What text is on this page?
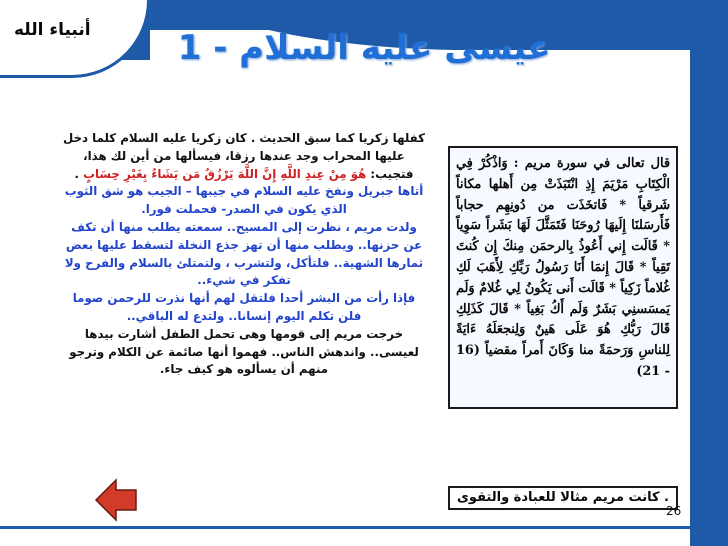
أنبياء الله	عيسى عليه السلام - 1
كفلها زكريا كما سبق الحديث . كان زكريا عليه السلام كلما دخل عليها المحراب وجد عندها رزقا، فيسألها من أين لك هذا، فتجيب: هُوَ مِنْ عِندِ اللَّهِ إِنَّ اللَّهَ يَرْزُقُ مَن يَشَاءُ بِغَيْرِ حِسَابٍ .
أتاها جبريل ونفخ عليه السلام في جيبها – الجيب هو شق الثوب الذي يكون في الصدر- فحملت فورا.
ولدت مريم ، نظرت إلى المسيح.. سمعته يطلب منها أن تكف عن حزنها.. ويطلب منها أن تهز جذع النخلة لتسقط عليها بعض ثمارها الشهية.. فلتأكل، ولتشرب ، ولتمتلئ بالسلام والفرح ولا تفكر في شيء..
فإذا رأت من البشر أحدا فلتقل لهم أنها نذرت للرحمن صوما فلن تكلم اليوم إنسانا.. ولتدع له الباقي..
خرجت مريم إلى قومها وهى تحمل الطفل أشارت بيدها لعيسى.. واندهش الناس.. فهموا أنها صائمة عن الكلام وترجو منهم أن يسألوه هو كيف جاء.
قال تعالى في سورة مريم : وَاذْكُرْ فِي الْكِتَابِ مَرْيَمَ إِذِ انْتَبَذَتْ مِن أَهلها مكاناً شَرقياً * فَاتخَذَت من دُونِهِم حجاباً فَأَرسَلنَا إِلَيهَا رُوحَنَا فَتَمَثَّلَ لَهَا بَشَراً سَوِياً * قَالَت إِني أَعُوذُ بِالرحمَن مِنكَ إِن كُنتَ تَقِياً * قَالَ إِنمَا أَنَا رَسُولُ رَبِّكِ لِأَهَبَ لَكِ غُلاماً زَكِياً * قَالَت أَنى يَكُونُ لِي غُلامٌ وَلَم يَمسَسنِي بَشَرٌ وَلَم أَكُ بَغِياً * قَالَ كَذَلِكِ قَالَ رَبُّكِ هُوَ عَلَى هَينٌ وَلِنجعَلَهُ ءَايَةً لِلناسِ وَرَحمَةً منا وَكَانَ أَمراً مقضياً (16 - 21)
. كانت مريم مثالا للعبادة والتقوى
26
